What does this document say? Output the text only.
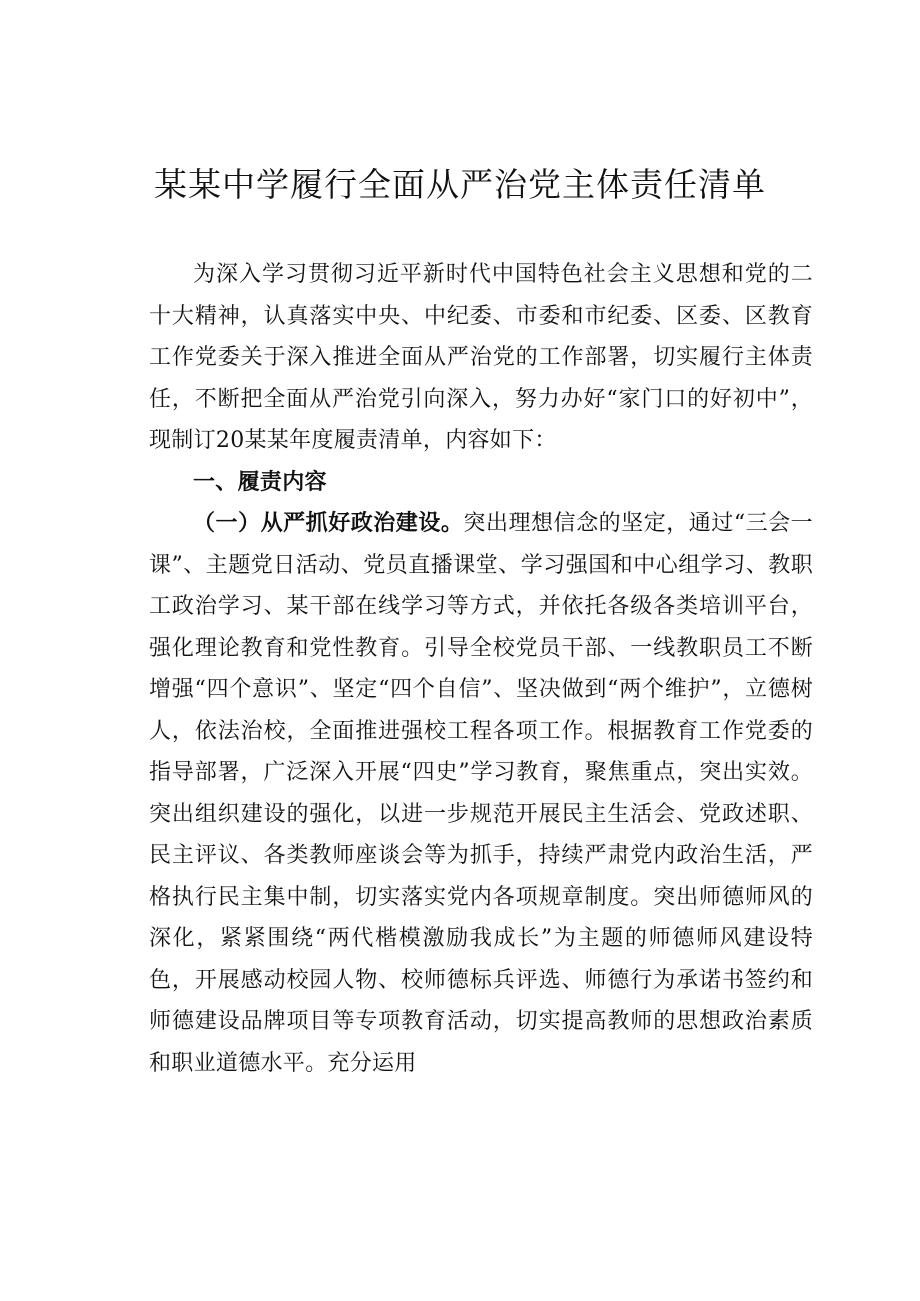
某某中学履行全面从严治党主体责任清单

为深入学习贯彻习近平新时代中国特色社会主义思想和党的二十大精神，认真落实中央、中纪委、市委和市纪委、区委、区教育工作党委关于深入推进全面从严治党的工作部署，切实履行主体责任，不断把全面从严治党引向深入，努力办好“家门口的好初中”，现制订20某某年度履责清单，内容如下：

一、履责内容

（一）从严抓好政治建设。突出理想信念的坚定，通过“三会一课”、主题党日活动、党员直播课堂、学习强国和中心组学习、教职工政治学习、某干部在线学习等方式，并依托各级各类培训平台，强化理论教育和党性教育。引导全校党员干部、一线教职员工不断增强“四个意识”、坚定“四个自信”、坚决做到“两个维护”，立德树人，依法治校，全面推进强校工程各项工作。根据教育工作党委的指导部署，广泛深入开展“四史”学习教育，聚焦重点，突出实效。突出组织建设的强化，以进一步规范开展民主生活会、党政述职、民主评议、各类教师座谈会等为抓手，持续严肃党内政治生活，严格执行民主集中制，切实落实党内各项规章制度。突出师德师风的深化，紧紧围绕“两代楷模激励我成长”为主题的师德师风建设特色，开展感动校园人物、校师德标兵评选、师德行为承诺书签约和师德建设品牌项目等专项教育活动，切实提高教师的思想政治素质和职业道德水平。充分运用
